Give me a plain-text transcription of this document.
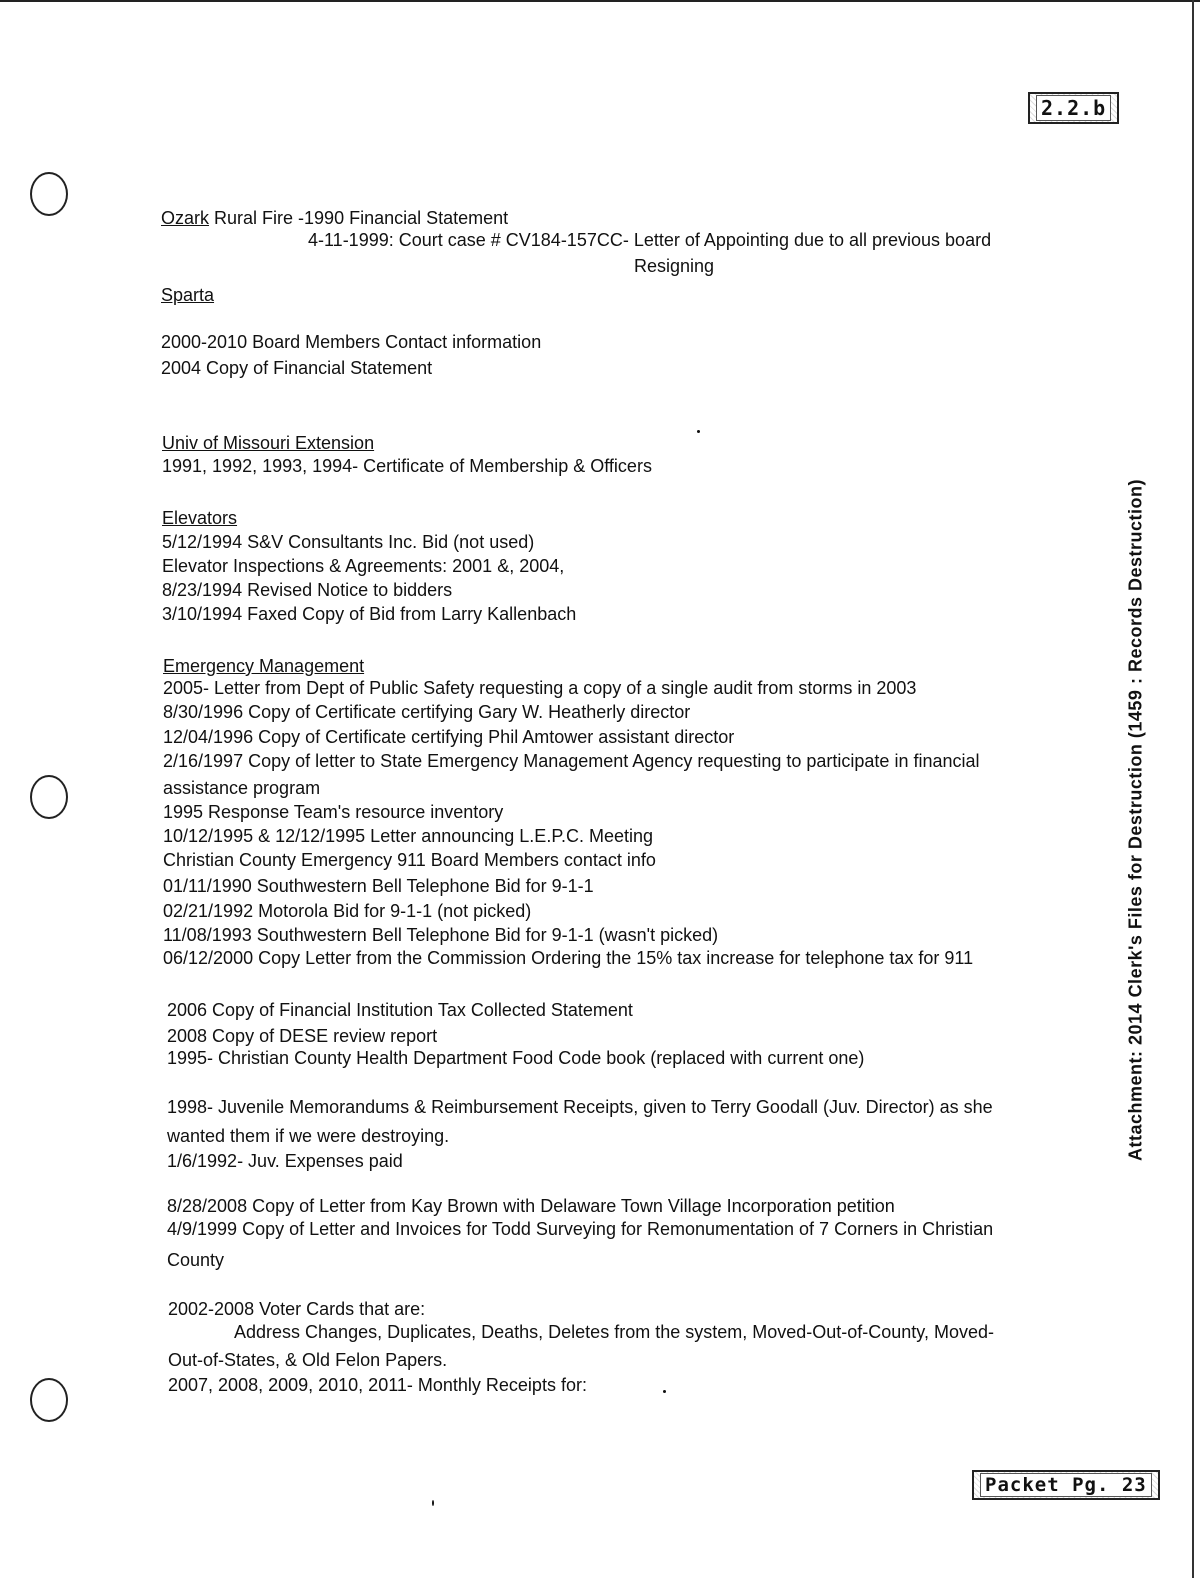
2.2.b
Packet Pg. 23
Attachment: 2014 Clerk's Files for Destruction (1459 : Records Destruction)
Ozark Rural Fire -1990 Financial Statement
4-11-1999: Court case # CV184-157CC- Letter of Appointing due to all previous board
Resigning
Sparta
2000-2010 Board Members Contact information
2004 Copy of Financial Statement
Univ of Missouri Extension
1991, 1992, 1993, 1994- Certificate of Membership & Officers
Elevators
5/12/1994 S&V Consultants Inc. Bid (not used)
Elevator Inspections & Agreements: 2001 &, 2004,
8/23/1994 Revised Notice to bidders
3/10/1994 Faxed Copy of Bid from Larry Kallenbach
Emergency Management
2005- Letter from Dept of Public Safety requesting a copy of a single audit from storms in 2003
8/30/1996 Copy of Certificate certifying Gary W. Heatherly director
12/04/1996 Copy of Certificate certifying Phil Amtower assistant director
2/16/1997 Copy of letter to State Emergency Management Agency requesting to participate in financial
assistance program
1995 Response Team's resource inventory
10/12/1995 & 12/12/1995 Letter announcing L.E.P.C. Meeting
Christian County Emergency 911 Board Members contact info
01/11/1990 Southwestern Bell Telephone Bid for 9-1-1
02/21/1992 Motorola Bid for 9-1-1 (not picked)
11/08/1993 Southwestern Bell Telephone Bid for 9-1-1 (wasn't picked)
06/12/2000 Copy Letter from the Commission Ordering the 15% tax increase for telephone tax for 911
2006 Copy of Financial Institution Tax Collected Statement
2008 Copy of DESE review report
1995- Christian County Health Department Food Code book (replaced with current one)
1998- Juvenile Memorandums & Reimbursement Receipts, given to Terry Goodall (Juv. Director) as she
wanted them if we were destroying.
1/6/1992- Juv. Expenses paid
8/28/2008 Copy of Letter from Kay Brown with Delaware Town Village Incorporation petition
4/9/1999 Copy of Letter and Invoices for Todd Surveying for Remonumentation of 7 Corners in Christian
County
2002-2008 Voter Cards that are:
Address Changes, Duplicates, Deaths, Deletes from the system, Moved-Out-of-County, Moved-
Out-of-States, & Old Felon Papers.
2007, 2008, 2009, 2010, 2011- Monthly Receipts for:
